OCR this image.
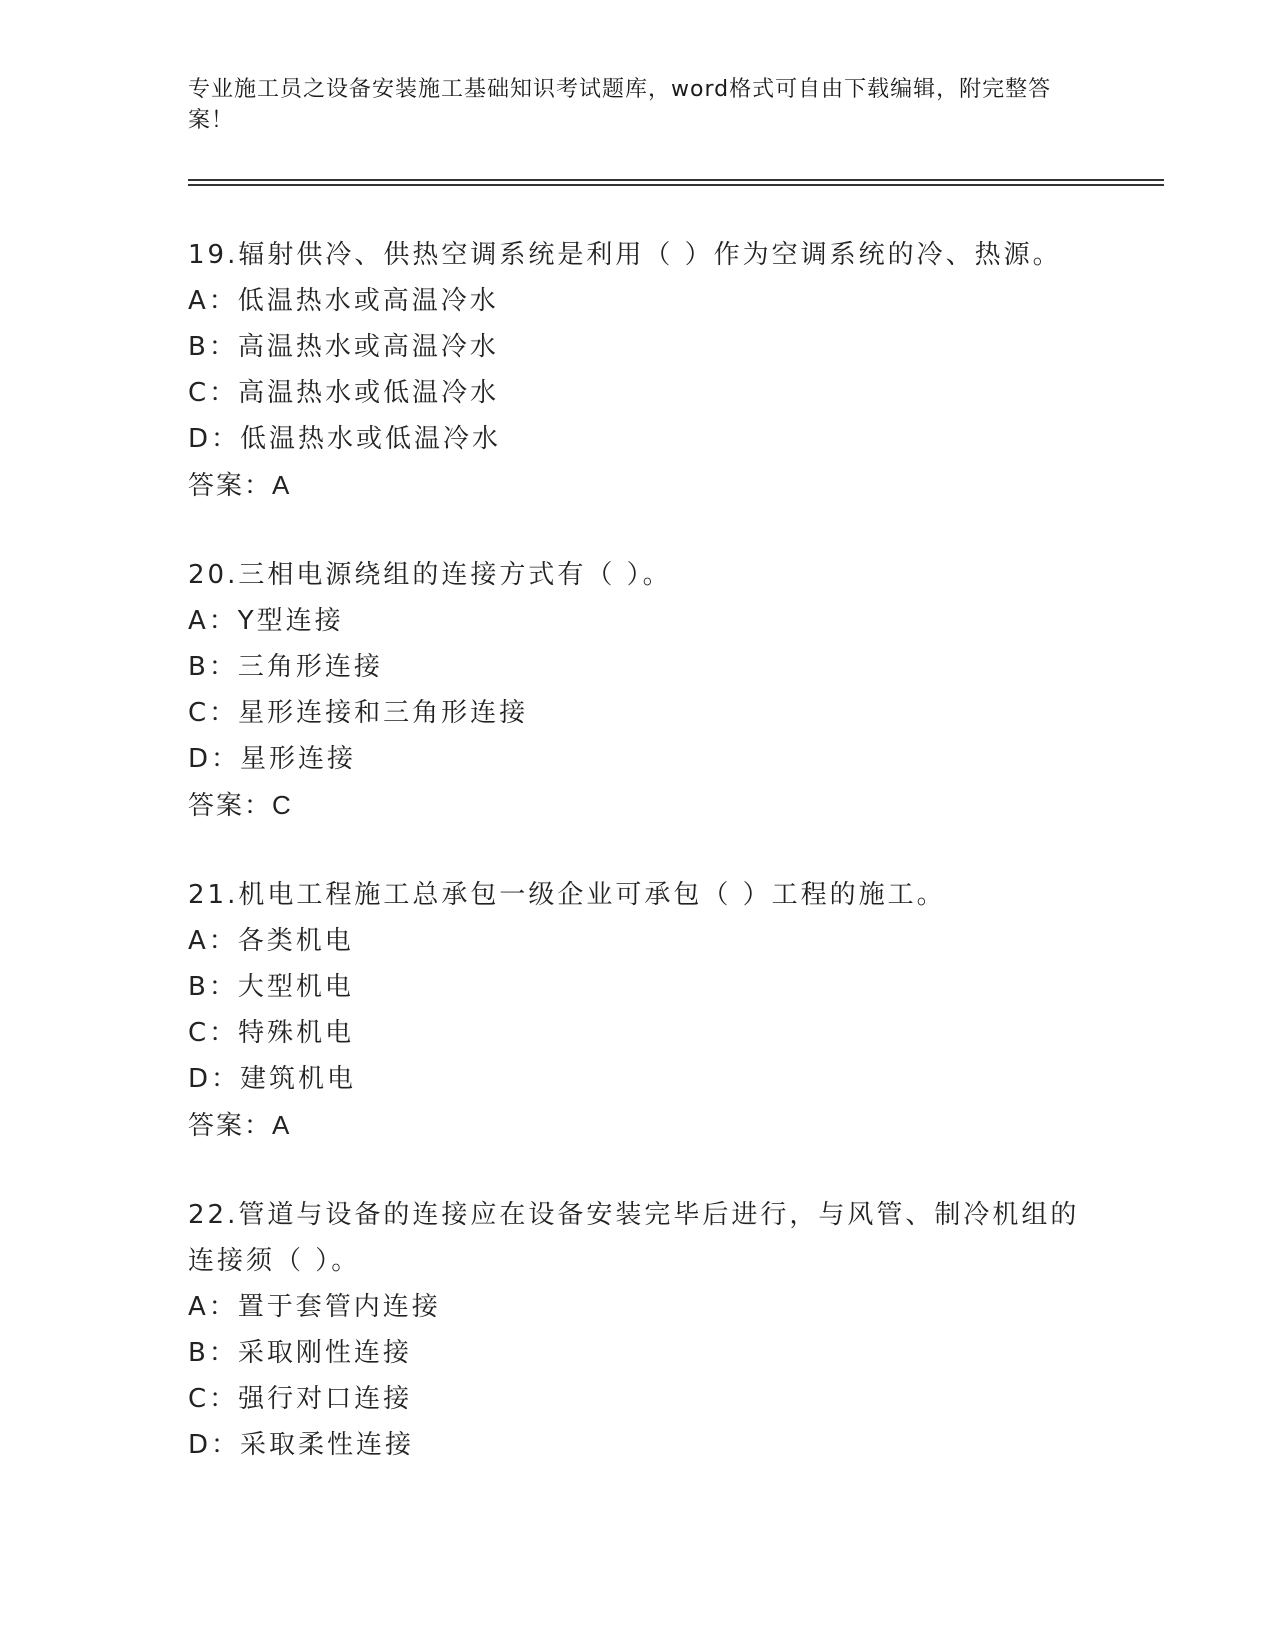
专业施工员之设备安装施工基础知识考试题库，word格式可自由下载编辑，附完整答案！
19.辐射供冷、供热空调系统是利用（ ）作为空调系统的冷、热源。
A：低温热水或高温冷水
B：高温热水或高温冷水
C：高温热水或低温冷水
D：低温热水或低温冷水
答案：A
20.三相电源绕组的连接方式有（ ）。
A：Y型连接
B：三角形连接
C：星形连接和三角形连接
D：星形连接
答案：C
21.机电工程施工总承包一级企业可承包（ ）工程的施工。
A：各类机电
B：大型机电
C：特殊机电
D：建筑机电
答案：A
22.管道与设备的连接应在设备安装完毕后进行，与风管、制冷机组的连接须（ ）。
A：置于套管内连接
B：采取刚性连接
C：强行对口连接
D：采取柔性连接
